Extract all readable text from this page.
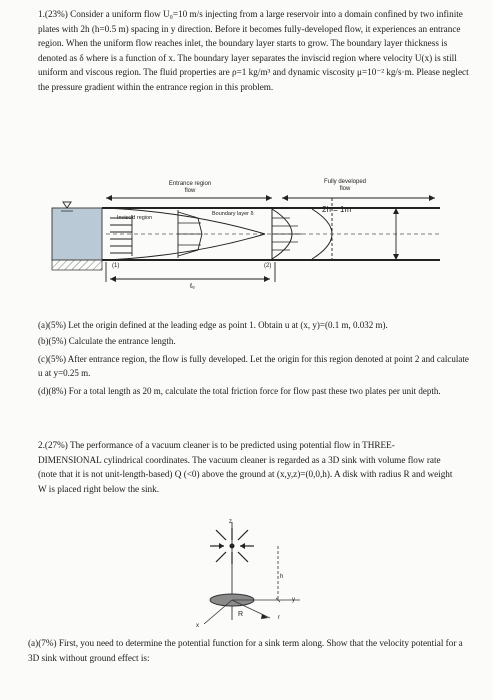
1.(23%) Consider a uniform flow U₀=10 m/s injecting from a large reservoir into a domain confined by two infinite plates with 2h (h=0.5 m) spacing in y direction. Before it becomes fully-developed flow, it experiences an entrance region. When the uniform flow reaches inlet, the boundary layer starts to grow. The boundary layer thickness is denoted as δ where is a function of x. The boundary layer separates the inviscid region where velocity U(x) is still uniform and viscous region. The fluid properties are ρ=1 kg/m³ and dynamic viscosity μ=10⁻² kg/s·m. Please neglect the pressure gradient within the entrance region in this problem.
Entrance region
flow
Fully developed
flow
Inviscid region
Boundary layer δ	2h = 1m
(1)	(2)
ℓₑ
(a)(5%) Let the origin defined at the leading edge as point 1. Obtain u at (x, y)=(0.1 m, 0.032 m).
(b)(5%) Calculate the entrance length.
(c)(5%) After entrance region, the flow is fully developed. Let the origin for this region denoted at point 2 and calculate u at y=0.25 m.
(d)(8%) For a total length as 20 m, calculate the total friction force for flow past these two plates per unit depth.
2.(27%) The performance of a vacuum cleaner is to be predicted using potential flow in THREE-DIMENSIONAL cylindrical coordinates. The vacuum cleaner is regarded as a 3D sink with volume flow rate (note that it is not unit-length-based) Q (<0) above the ground at (x,y,z)=(0,0,h). A disk with radius R and weight W is placed right below the sink.
z
h
y
x
r
R
(a)(7%) First, you need to determine the potential function for a sink term along. Show that the velocity potential for a 3D sink without ground effect is:
